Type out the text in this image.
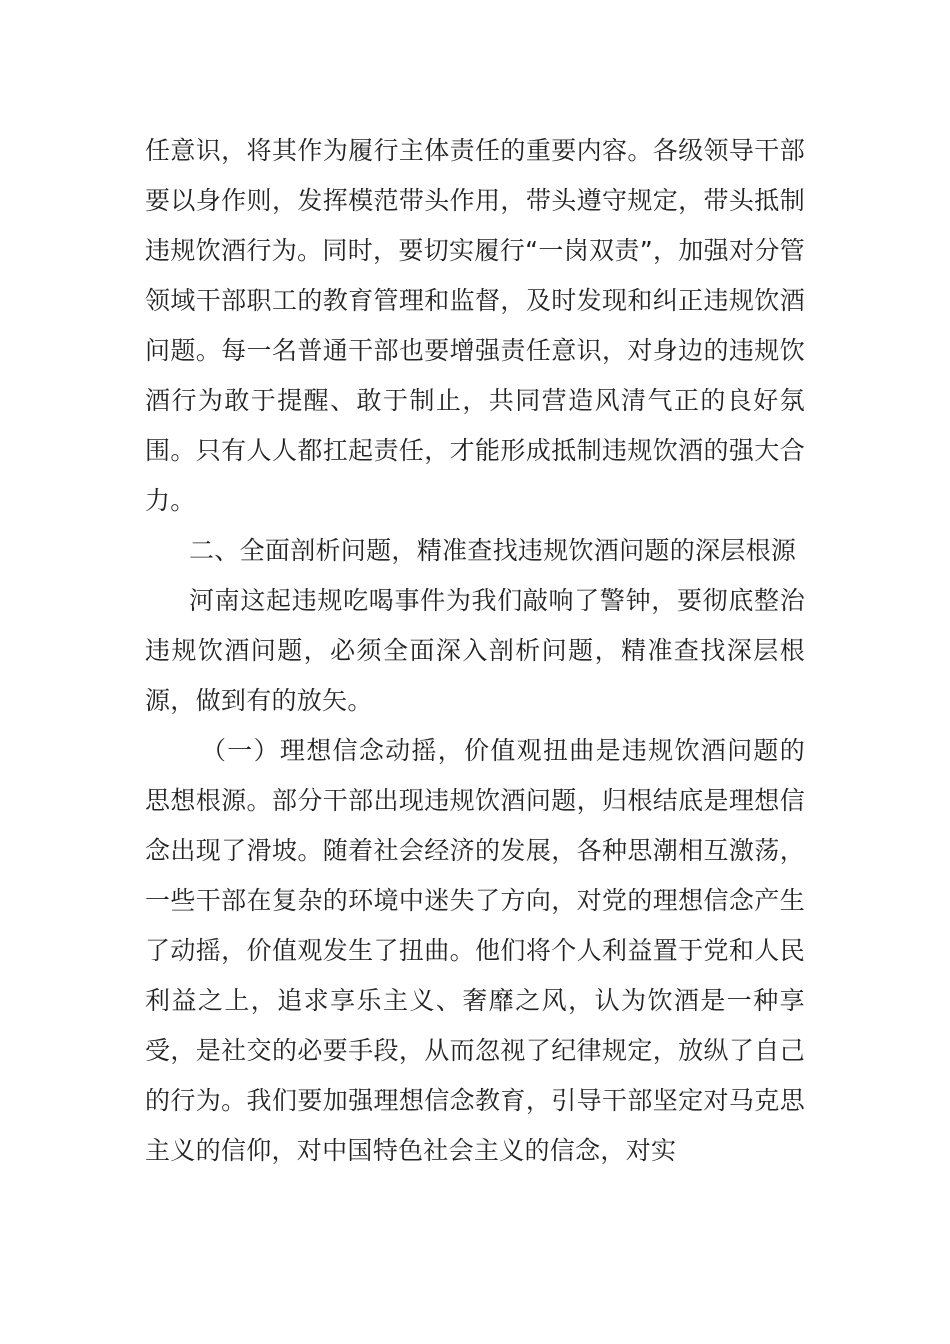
任意识，将其作为履行主体责任的重要内容。各级领导干部要以身作则，发挥模范带头作用，带头遵守规定，带头抵制违规饮酒行为。同时，要切实履行“一岗双责”，加强对分管领域干部职工的教育管理和监督，及时发现和纠正违规饮酒问题。每一名普通干部也要增强责任意识，对身边的违规饮酒行为敢于提醒、敢于制止，共同营造风清气正的良好氛围。只有人人都扛起责任，才能形成抵制违规饮酒的强大合力。

二、全面剖析问题，精准查找违规饮酒问题的深层根源

河南这起违规吃喝事件为我们敲响了警钟，要彻底整治违规饮酒问题，必须全面深入剖析问题，精准查找深层根源，做到有的放矢。

（一）理想信念动摇，价值观扭曲是违规饮酒问题的思想根源。部分干部出现违规饮酒问题，归根结底是理想信念出现了滑坡。随着社会经济的发展，各种思潮相互激荡，一些干部在复杂的环境中迷失了方向，对党的理想信念产生了动摇，价值观发生了扭曲。他们将个人利益置于党和人民利益之上，追求享乐主义、奢靡之风，认为饮酒是一种享受，是社交的必要手段，从而忽视了纪律规定，放纵了自己的行为。我们要加强理想信念教育，引导干部坚定对马克思主义的信仰，对中国特色社会主义的信念，对实
